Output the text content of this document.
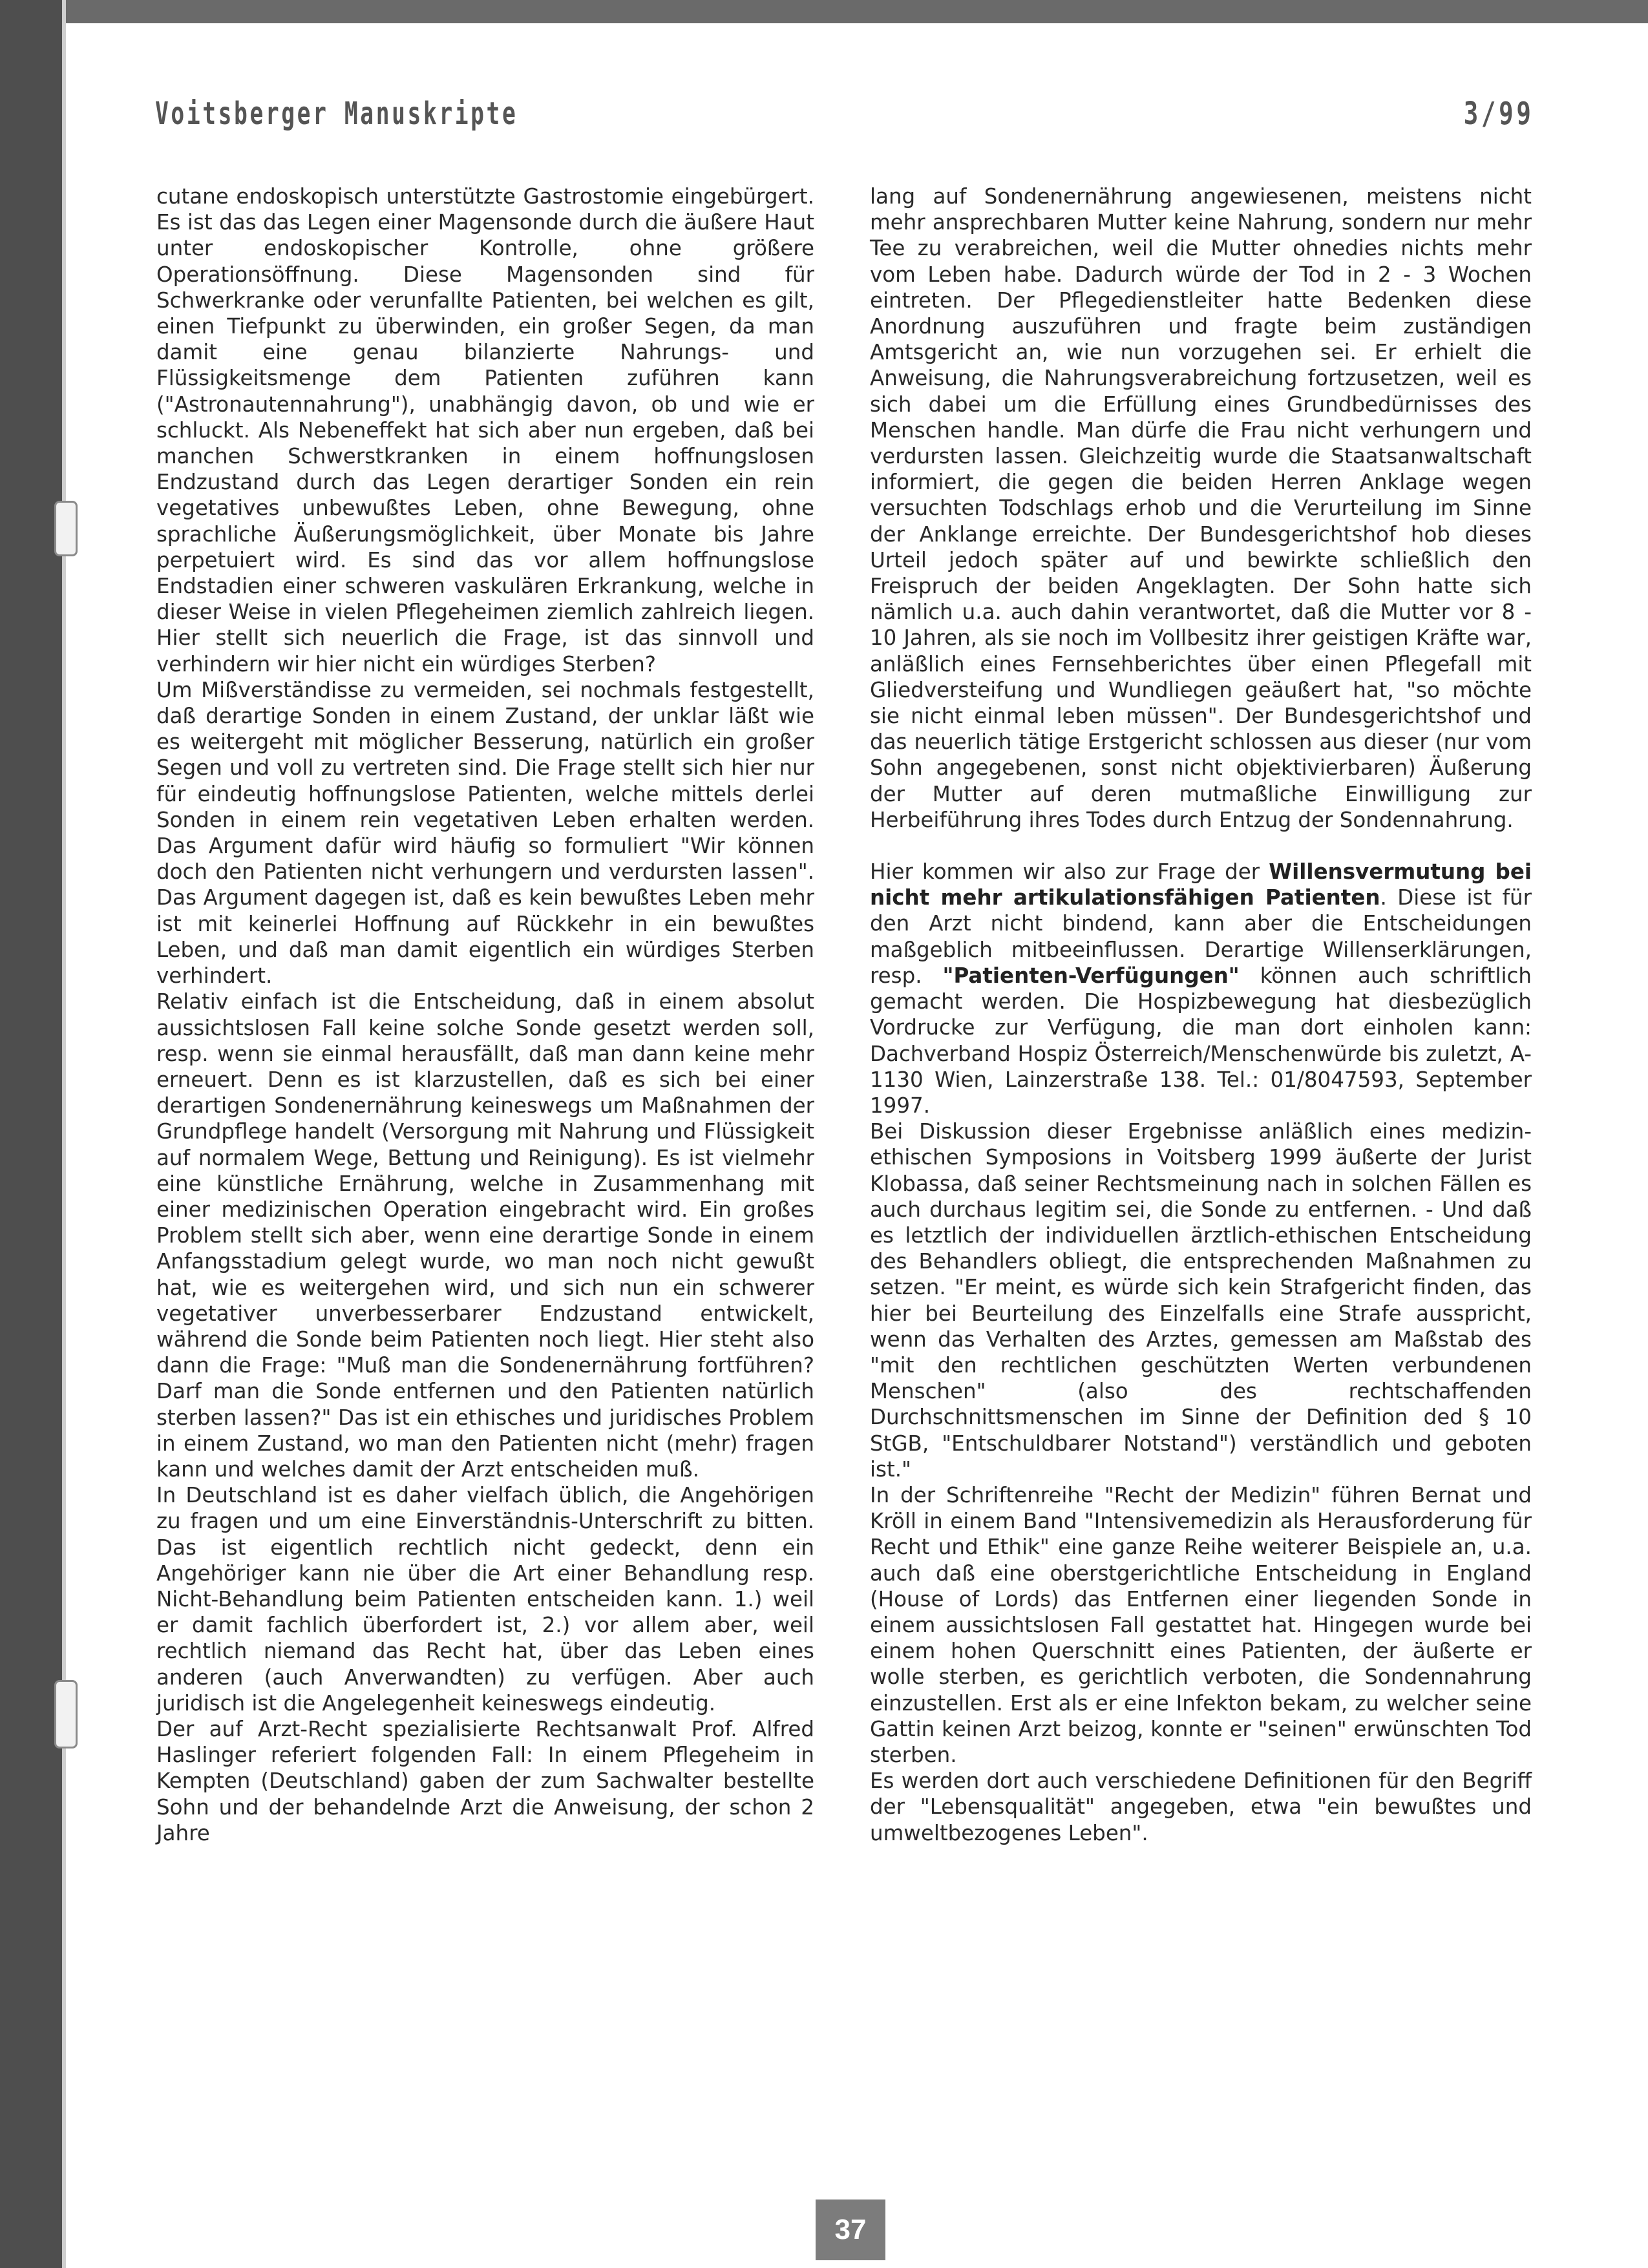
Voitsberger Manuskripte	3/99

cutane endoskopisch unterstützte Gastrostomie eingebürgert. Es ist das das Legen einer Magensonde durch die äußere Haut unter endoskopischer Kontrolle, ohne größere Operationsöffnung. Diese Magensonden sind für Schwerkranke oder verunfallte Patienten, bei welchen es gilt, einen Tiefpunkt zu überwinden, ein großer Segen, da man damit eine genau bilanzierte Nahrungs- und Flüssigkeitsmenge dem Patienten zuführen kann ("Astronautennahrung"), unabhängig davon, ob und wie er schluckt. Als Nebeneffekt hat sich aber nun ergeben, daß bei manchen Schwerstkranken in einem hoffnungslosen Endzustand durch das Legen derartiger Sonden ein rein vegetatives unbewußtes Leben, ohne Bewegung, ohne sprachliche Äußerungsmöglichkeit, über Monate bis Jahre perpetuiert wird. Es sind das vor allem hoffnungslose Endstadien einer schweren vaskulären Erkrankung, welche in dieser Weise in vielen Pflegeheimen ziemlich zahlreich liegen. Hier stellt sich neuerlich die Frage, ist das sinnvoll und verhindern wir hier nicht ein würdiges Sterben?

Um Mißverständisse zu vermeiden, sei nochmals festgestellt, daß derartige Sonden in einem Zustand, der unklar läßt wie es weitergeht mit möglicher Besserung, natürlich ein großer Segen und voll zu vertreten sind. Die Frage stellt sich hier nur für eindeutig hoffnungslose Patienten, welche mittels derlei Sonden in einem rein vegetativen Leben erhalten werden. Das Argument dafür wird häufig so formuliert "Wir können doch den Patienten nicht verhungern und verdursten lassen". Das Argument dagegen ist, daß es kein bewußtes Leben mehr ist mit keinerlei Hoffnung auf Rückkehr in ein bewußtes Leben, und daß man damit eigentlich ein würdiges Sterben verhindert.

Relativ einfach ist die Entscheidung, daß in einem absolut aussichtslosen Fall keine solche Sonde gesetzt werden soll, resp. wenn sie einmal herausfällt, daß man dann keine mehr erneuert. Denn es ist klarzustellen, daß es sich bei einer derartigen Sondenernährung keineswegs um Maßnahmen der Grundpflege handelt (Versorgung mit Nahrung und Flüssigkeit auf normalem Wege, Bettung und Reinigung). Es ist vielmehr eine künstliche Ernährung, welche in Zusammenhang mit einer medizinischen Operation eingebracht wird. Ein großes Problem stellt sich aber, wenn eine derartige Sonde in einem Anfangsstadium gelegt wurde, wo man noch nicht gewußt hat, wie es weitergehen wird, und sich nun ein schwerer vegetativer unverbesserbarer Endzustand entwickelt, während die Sonde beim Patienten noch liegt. Hier steht also dann die Frage: "Muß man die Sondenernährung fortführen? Darf man die Sonde entfernen und den Patienten natürlich sterben lassen?" Das ist ein ethisches und juridisches Problem in einem Zustand, wo man den Patienten nicht (mehr) fragen kann und welches damit der Arzt entscheiden muß.

In Deutschland ist es daher vielfach üblich, die Angehörigen zu fragen und um eine Einverständnis-Unterschrift zu bitten. Das ist eigentlich rechtlich nicht gedeckt, denn ein Angehöriger kann nie über die Art einer Behandlung resp. Nicht-Behandlung beim Patienten entscheiden kann. 1.) weil er damit fachlich überfordert ist, 2.) vor allem aber, weil rechtlich niemand das Recht hat, über das Leben eines anderen (auch Anverwandten) zu verfügen. Aber auch juridisch ist die Angelegenheit keineswegs eindeutig.

Der auf Arzt-Recht spezialisierte Rechtsanwalt Prof. Alfred Haslinger referiert folgenden Fall: In einem Pflegeheim in Kempten (Deutschland) gaben der zum Sachwalter bestellte Sohn und der behandelnde Arzt die Anweisung, der schon 2 Jahre

lang auf Sondenernährung angewiesenen, meistens nicht mehr ansprechbaren Mutter keine Nahrung, sondern nur mehr Tee zu verabreichen, weil die Mutter ohnedies nichts mehr vom Leben habe. Dadurch würde der Tod in 2 - 3 Wochen eintreten. Der Pflegedienstleiter hatte Bedenken diese Anordnung auszuführen und fragte beim zuständigen Amtsgericht an, wie nun vorzugehen sei. Er erhielt die Anweisung, die Nahrungsverabreichung fortzusetzen, weil es sich dabei um die Erfüllung eines Grundbedürnisses des Menschen handle. Man dürfe die Frau nicht verhungern und verdursten lassen. Gleichzeitig wurde die Staatsanwaltschaft informiert, die gegen die beiden Herren Anklage wegen versuchten Todschlags erhob und die Verurteilung im Sinne der Anklange erreichte. Der Bundesgerichtshof hob dieses Urteil jedoch später auf und bewirkte schließlich den Freispruch der beiden Angeklagten. Der Sohn hatte sich nämlich u.a. auch dahin verantwortet, daß die Mutter vor 8 - 10 Jahren, als sie noch im Vollbesitz ihrer geistigen Kräfte war, anläßlich eines Fernsehberichtes über einen Pflegefall mit Gliedversteifung und Wundliegen geäußert hat, "so möchte sie nicht einmal leben müssen". Der Bundesgerichtshof und das neuerlich tätige Erstgericht schlossen aus dieser (nur vom Sohn angegebenen, sonst nicht objektivierbaren) Äußerung der Mutter auf deren mutmaßliche Einwilligung zur Herbeiführung ihres Todes durch Entzug der Sondennahrung.

Hier kommen wir also zur Frage der Willensvermutung bei nicht mehr artikulationsfähigen Patienten. Diese ist für den Arzt nicht bindend, kann aber die Entscheidungen maßgeblich mitbeeinflussen. Derartige Willenserklärungen, resp. "Patienten-Verfügungen" können auch schriftlich gemacht werden. Die Hospizbewegung hat diesbezüglich Vordrucke zur Verfügung, die man dort einholen kann: Dachverband Hospiz Österreich/Menschenwürde bis zuletzt, A-1130 Wien, Lainzerstraße 138. Tel.: 01/8047593, September 1997.

Bei Diskussion dieser Ergebnisse anläßlich eines medizin-ethischen Symposions in Voitsberg 1999 äußerte der Jurist Klobassa, daß seiner Rechtsmeinung nach in solchen Fällen es auch durchaus legitim sei, die Sonde zu entfernen. - Und daß es letztlich der individuellen ärztlich-ethischen Entscheidung des Behandlers obliegt, die entsprechenden Maßnahmen zu setzen. "Er meint, es würde sich kein Strafgericht finden, das hier bei Beurteilung des Einzelfalls eine Strafe ausspricht, wenn das Verhalten des Arztes, gemessen am Maßstab des "mit den rechtlichen geschützten Werten verbundenen Menschen" (also des rechtschaffenden Durchschnittsmenschen im Sinne der Definition ded § 10 StGB, "Entschuldbarer Notstand") verständlich und geboten ist."

In der Schriftenreihe "Recht der Medizin" führen Bernat und Kröll in einem Band "Intensivemedizin als Herausforderung für Recht und Ethik" eine ganze Reihe weiterer Beispiele an, u.a. auch daß eine oberstgerichtliche Entscheidung in England (House of Lords) das Entfernen einer liegenden Sonde in einem aussichtslosen Fall gestattet hat. Hingegen wurde bei einem hohen Querschnitt eines Patienten, der äußerte er wolle sterben, es gerichtlich verboten, die Sondennahrung einzustellen. Erst als er eine Infekton bekam, zu welcher seine Gattin keinen Arzt beizog, konnte er "seinen" erwünschten Tod sterben.

Es werden dort auch verschiedene Definitionen für den Begriff der "Lebensqualität" angegeben, etwa "ein bewußtes und umweltbezogenes Leben".

37
